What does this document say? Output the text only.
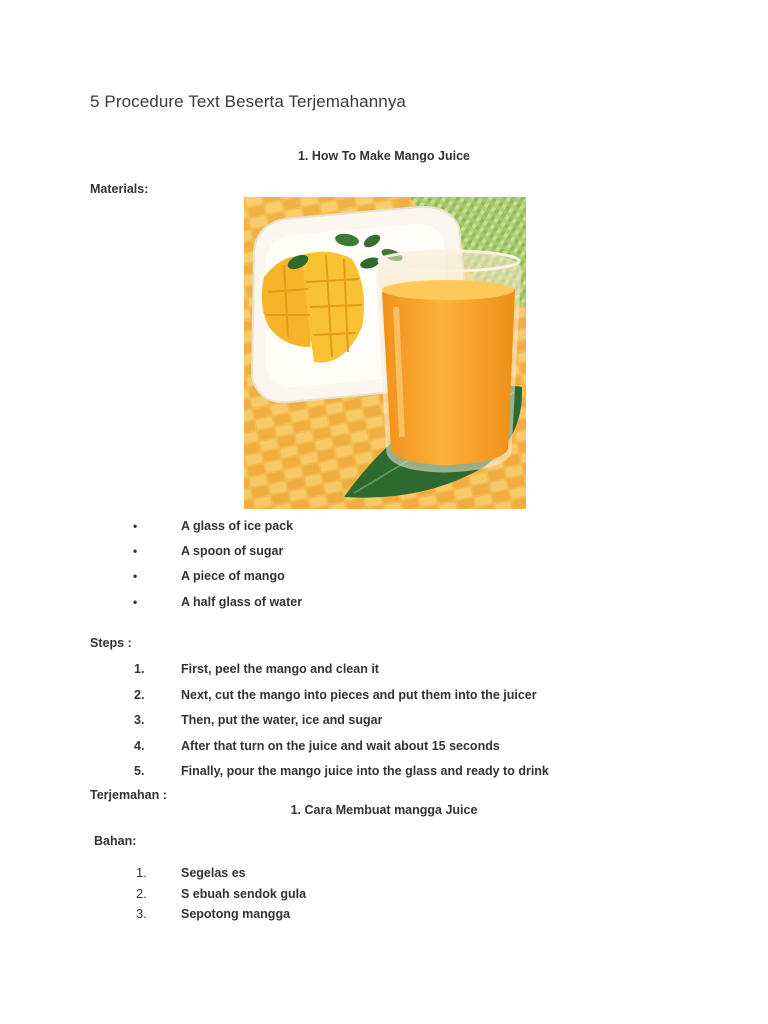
5 Procedure Text Beserta Terjemahannya
1. How To Make Mango Juice
Materials:
•	A glass of ice pack
•	A spoon of sugar
•	A piece of mango
•	A half glass of water
Steps :
1.	First, peel the mango and clean it
2.	Next, cut the mango into pieces and put them into the juicer
3.	Then, put the water, ice and sugar
4.	After that turn on the juice and wait about 15 seconds
5.	Finally, pour the mango juice into the glass and ready to drink
Terjemahan :
1. Cara Membuat mangga Juice
Bahan:
1.	Segelas es
2.	S ebuah sendok gula
3.	Sepotong mangga
